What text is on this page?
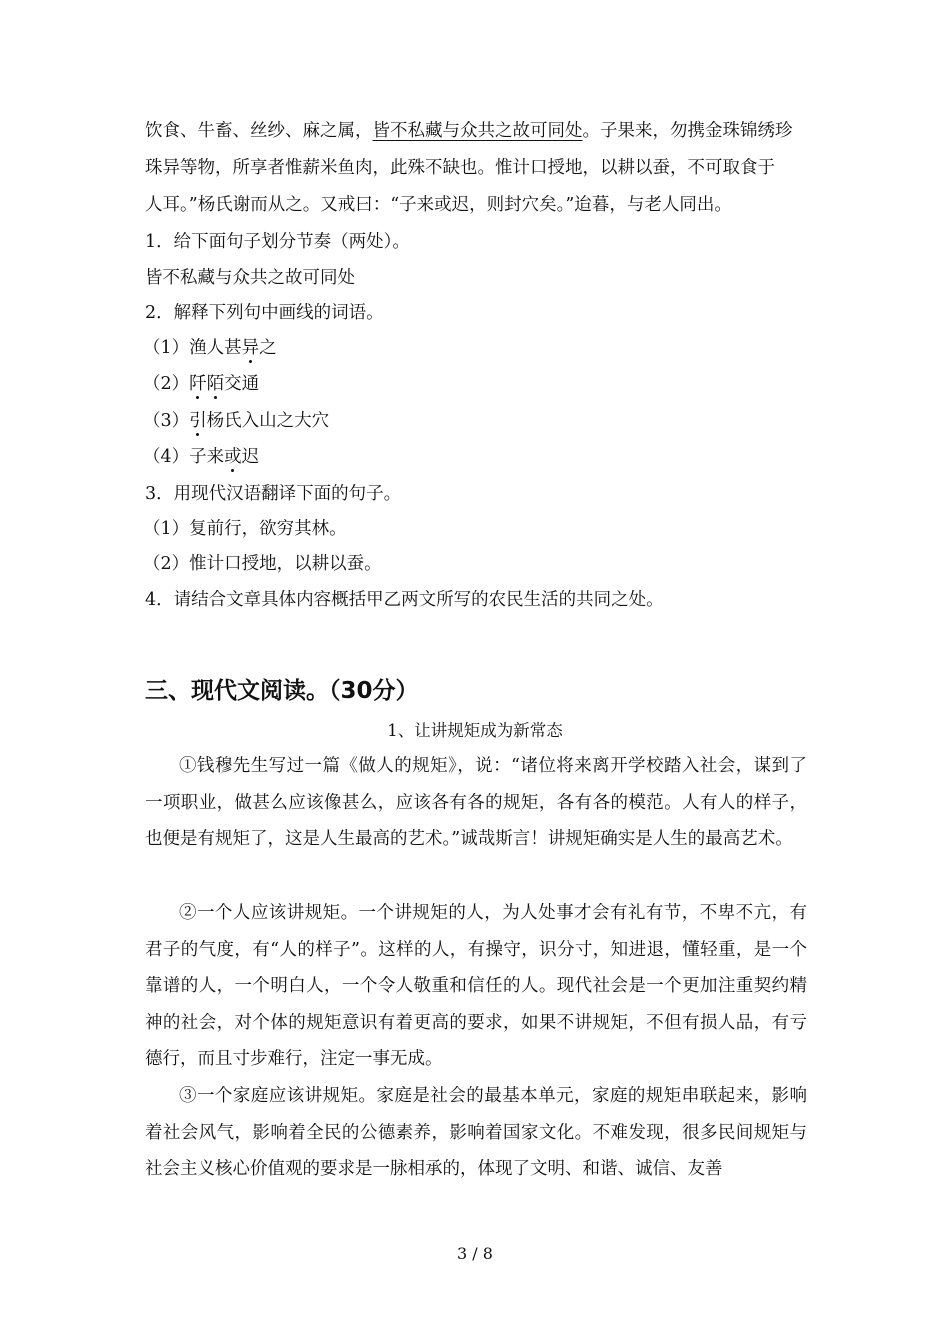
饮食、牛畜、丝纱、麻之属，皆不私藏与众共之故可同处。子果来，勿携金珠锦绣珍
珠异等物，所享者惟薪米鱼肉，此殊不缺也。惟计口授地，以耕以蚕，不可取食于
人耳。”杨氏谢而从之。又戒曰：“子来或迟，则封穴矣。”迨暮，与老人同出。
1．给下面句子划分节奏（两处）。
皆不私藏与众共之故可同处
2．解释下列句中画线的词语。
（1）渔人甚异之
（2）阡陌交通
（3）引杨氏入山之大穴
（4）子来或迟
3．用现代汉语翻译下面的句子。
（1）复前行，欲穷其林。
（2）惟计口授地，以耕以蚕。
4．请结合文章具体内容概括甲乙两文所写的农民生活的共同之处。
三、现代文阅读。（30分）
1、让讲规矩成为新常态
①钱穆先生写过一篇《做人的规矩》，说：“诸位将来离开学校踏入社会，谋到了一项职业，做甚么应该像甚么，应该各有各的规矩，各有各的模范。人有人的样子，也便是有规矩了，这是人生最高的艺术。”诚哉斯言！讲规矩确实是人生的最高艺术。
②一个人应该讲规矩。一个讲规矩的人，为人处事才会有礼有节，不卑不亢，有君子的气度，有“人的样子”。这样的人，有操守，识分寸，知进退，懂轻重，是一个靠谱的人，一个明白人，一个令人敬重和信任的人。现代社会是一个更加注重契约精神的社会，对个体的规矩意识有着更高的要求，如果不讲规矩，不但有损人品，有亏德行，而且寸步难行，注定一事无成。
③一个家庭应该讲规矩。家庭是社会的最基本单元，家庭的规矩串联起来，影响着社会风气，影响着全民的公德素养，影响着国家文化。不难发现，很多民间规矩与社会主义核心价值观的要求是一脉相承的，体现了文明、和谐、诚信、友善
3 / 8
